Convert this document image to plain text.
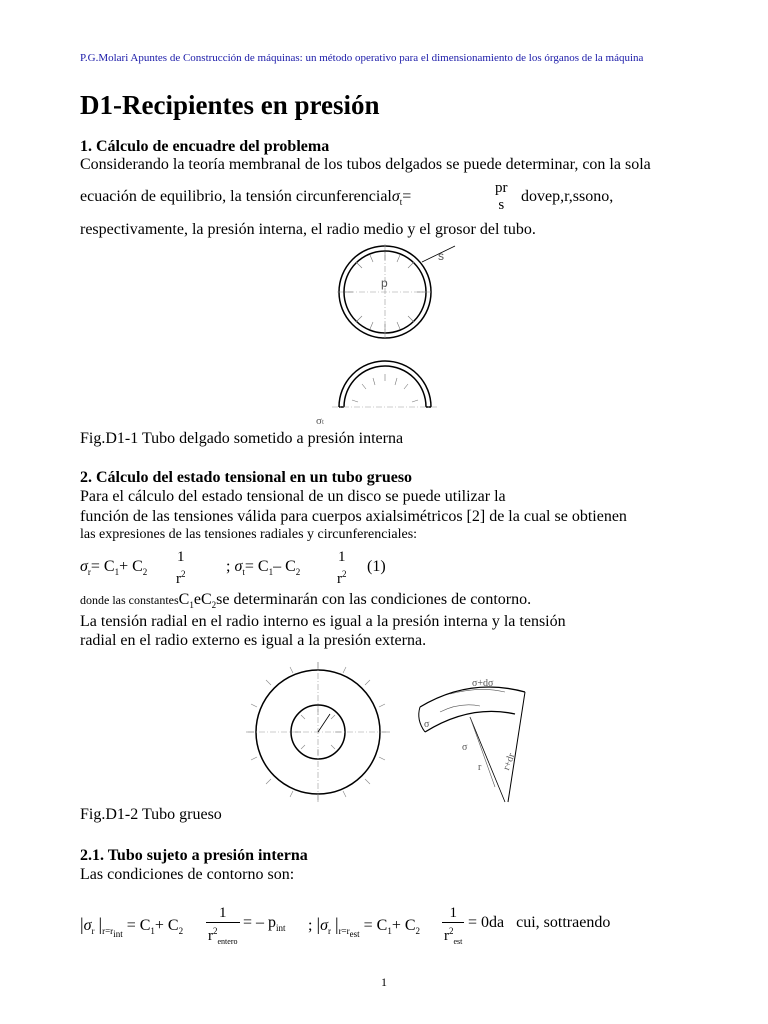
P.G.Molari Apuntes de Construcción de máquinas: un método operativo para el dimensionamiento de los órganos de la máquina
D1-Recipientes en presión
1. Cálculo de encuadre del problema
Considerando la teoría membranal de los tubos delgados se puede determinar, con la sola
ecuación de equilibrio, la tensión circunferencialσ$_t$=	pr
s	dovep,r,ssono,
respectivamente, la presión interna, el radio medio y el grosor del tubo.
p
s
σt
Fig.D1-1 Tubo delgado sometido a presión interna
2. Cálculo del estado tensional en un tubo grueso
Para el cálculo del estado tensional de un disco se puede utilizar la
función de las tensiones válida para cuerpos axialsimétricos [2] de la cual se obtienen
las expresiones de las tensiones radiales y circunferenciales:
$\sigma_r= C_1+ C_2$
1
$r^2$	; $\sigma_t= C_1-$ $C_2$
1
$r^2$ (1)
donde las $constantesC_1eC_2se$ determinarán con las condiciones de contorno.
La tensión radial en el radio interno es igual a la presión interna y la tensión
radial en el radio externo es igual a la presión externa.
σ+dσ
σ
σ
r r+dr
Fig.D1-2 Tubo grueso
2.1. Tubo sujeto a presión interna
Las condiciones de contorno son:
$|\sigma_r$ $|_{r=r_{int}} = C_1+ C_2$
1
$r^2_{entero}$
= – $p_{int}$ ; $|\sigma_r$ $|_{r=r_{est}} = C_1+ C_2$
1
$r^2_{est}$
= 0da cui, sottraendo
1
